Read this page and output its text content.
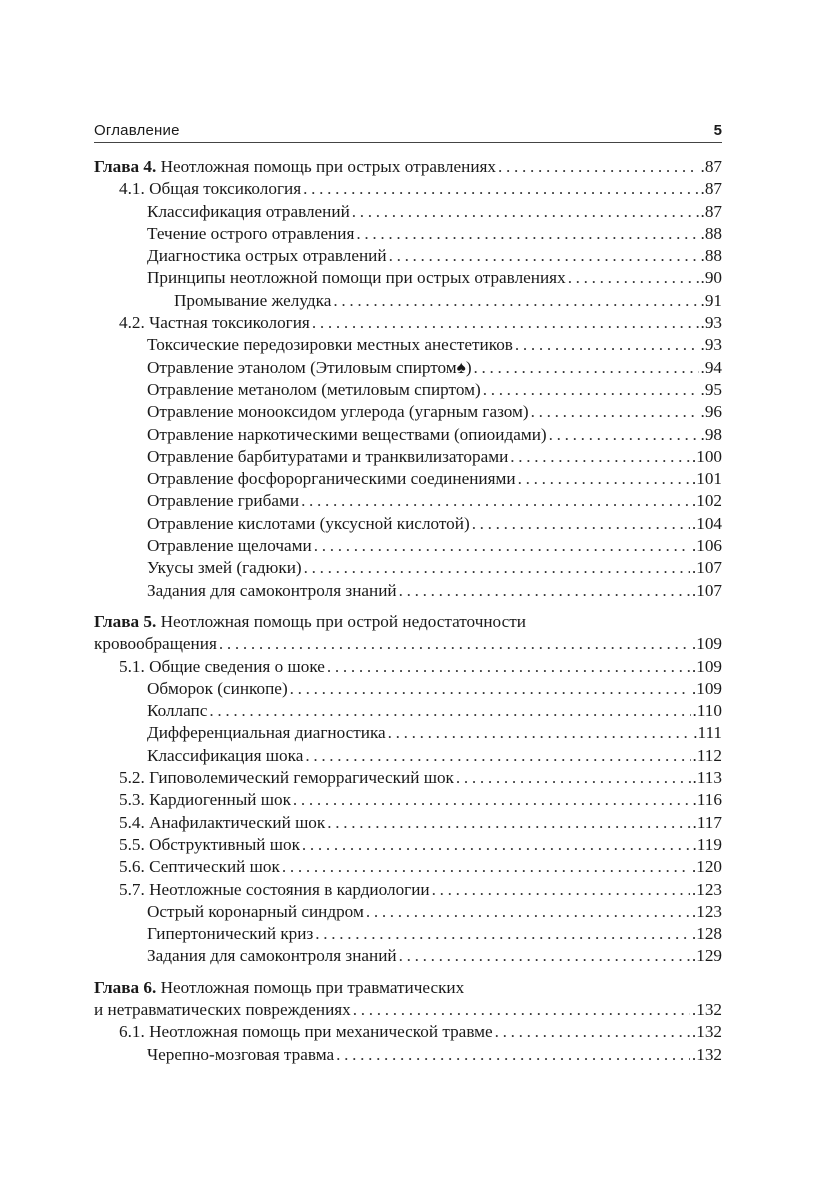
Оглавление	5
Глава 4. Неотложная помощь при острых отравлениях . . .	.87
4.1. Общая токсикология . . .	.87
Классификация отравлений . . .	.87
Течение острого отравления . . .	.88
Диагностика острых отравлений . . .	.88
Принципы неотложной помощи при острых отравлениях . . .	.90
Промывание желудка . . .	.91
4.2. Частная токсикология . . .	.93
Токсические передозировки местных анестетиков . . .	.93
Отравление этанолом (Этиловым спиртом♠) . . .	.94
Отравление метанолом (метиловым спиртом) . . .	.95
Отравление монооксидом углерода (угарным газом) . . .	.96
Отравление наркотическими веществами (опиоидами) . . .	.98
Отравление барбитуратами и транквилизаторами . . .	.100
Отравление фосфорорганическими соединениями . . .	.101
Отравление грибами . . .	.102
Отравление кислотами (уксусной кислотой) . . .	.104
Отравление щелочами . . .	.106
Укусы змей (гадюки) . . .	.107
Задания для самоконтроля знаний . . .	.107
Глава 5. Неотложная помощь при острой недостаточности
кровообращения . . .	.109
5.1. Общие сведения о шоке . . .	.109
Обморок (синкопе) . . .	.109
Коллапс . . .	.110
Дифференциальная диагностика . . .	.111
Классификация шока . . .	.112
5.2. Гиповолемический геморрагический шок . . .	.113
5.3. Кардиогенный шок . . .	.116
5.4. Анафилактический шок . . .	.117
5.5. Обструктивный шок . . .	.119
5.6. Септический шок . . .	.120
5.7. Неотложные состояния в кардиологии . . .	.123
Острый коронарный синдром . . .	.123
Гипертонический криз . . .	.128
Задания для самоконтроля знаний . . .	.129
Глава 6. Неотложная помощь при травматических
и нетравматических повреждениях . . .	.132
6.1. Неотложная помощь при механической травме . . .	.132
Черепно-мозговая травма . . .	.132
